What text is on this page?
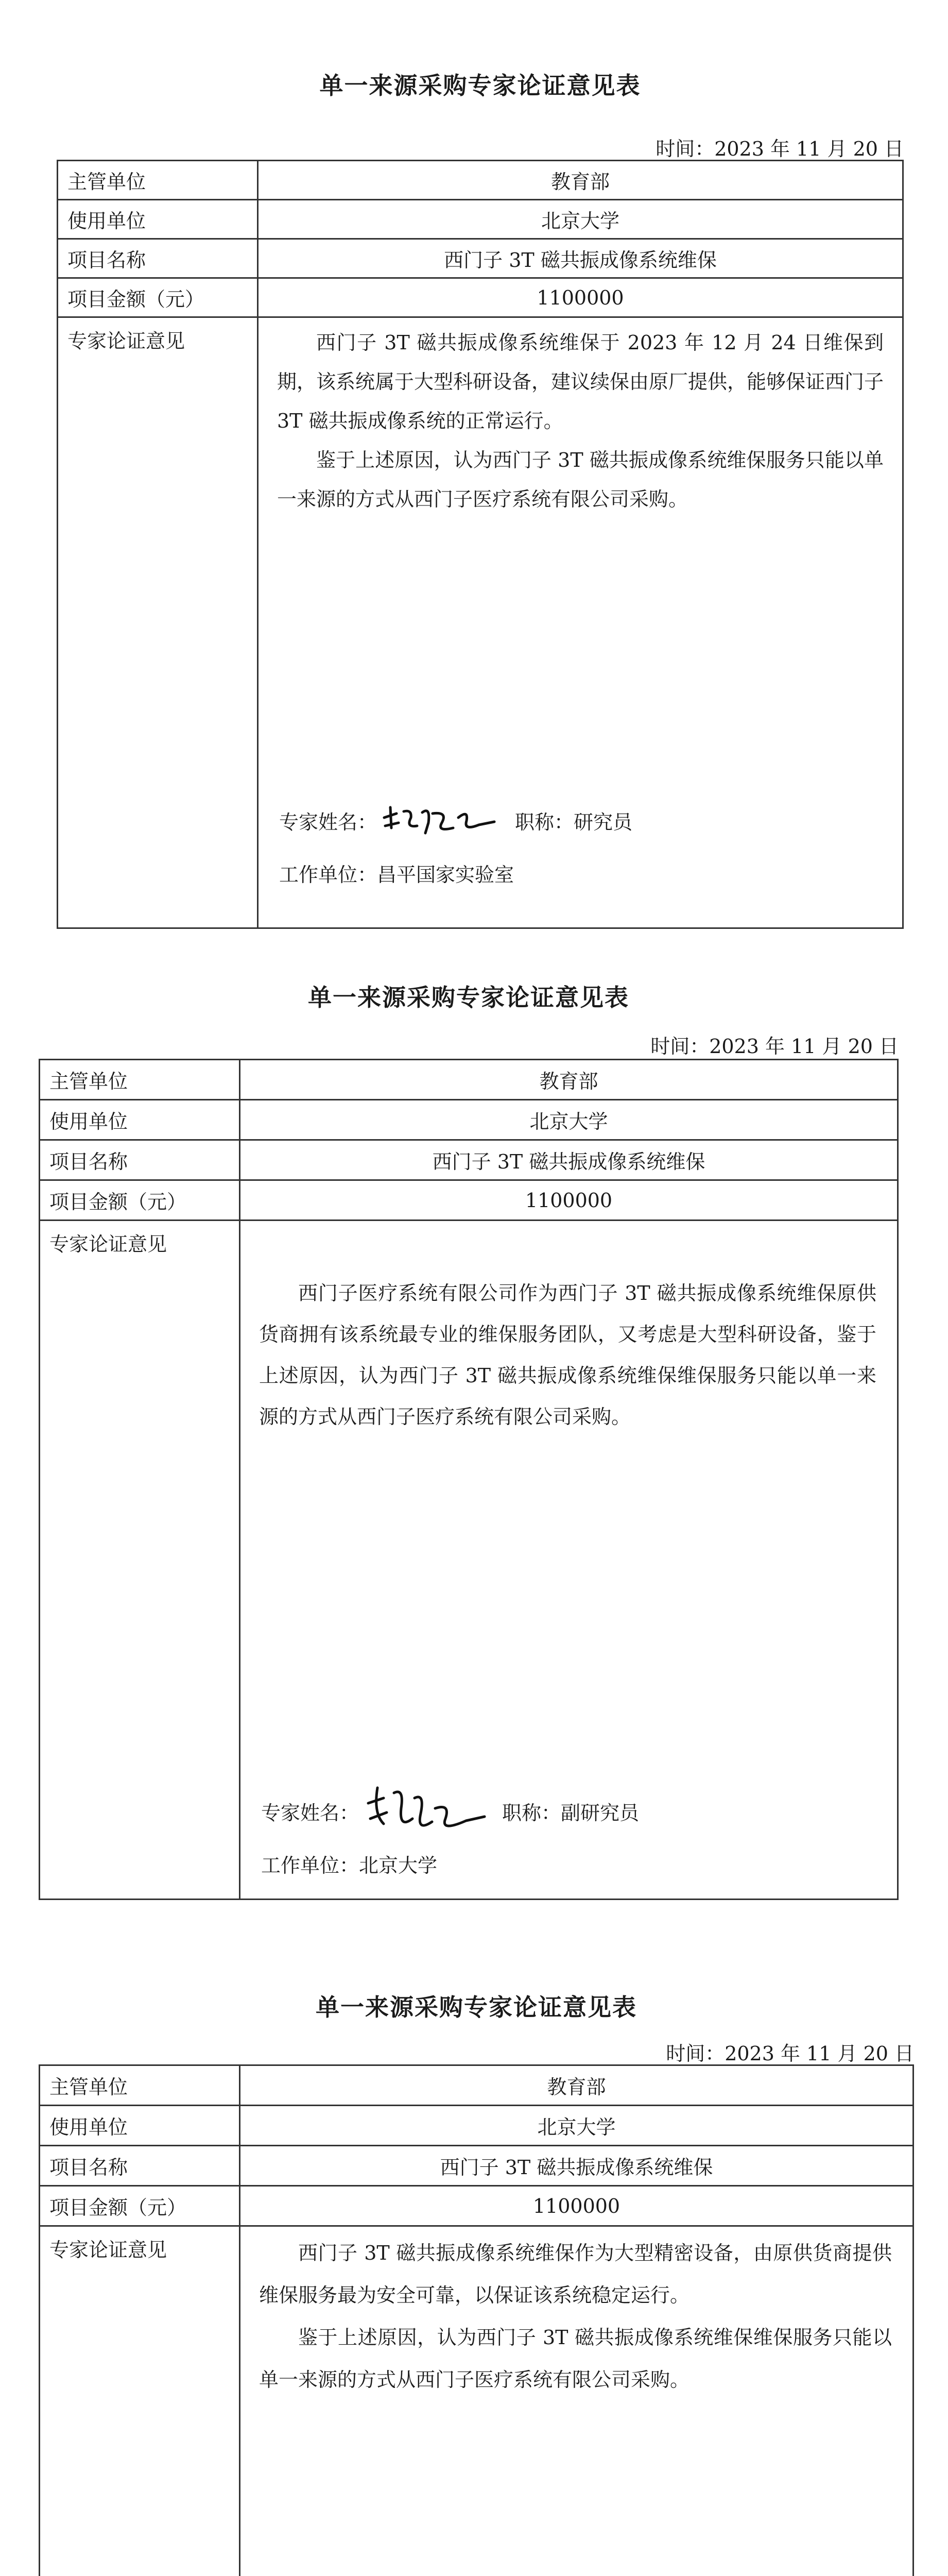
单一来源采购专家论证意见表
时间：2023 年 11 月 20 日
主管单位	教育部
使用单位	北京大学
项目名称	西门子 3T 磁共振成像系统维保
项目金额（元）	1100000
专家论证意见	西门子 3T 磁共振成像系统维保于 2023 年 12 月 24 日维保到期，该系统属于大型科研设备，建议续保由原厂提供，能够保证西门子 3T 磁共振成像系统的正常运行。

鉴于上述原因，认为西门子 3T 磁共振成像系统维保服务只能以单一来源的方式从西门子医疗系统有限公司采购。

专家姓名： 职称：研究员
工作单位：昌平国家实验室
单一来源采购专家论证意见表
时间：2023 年 11 月 20 日
主管单位	教育部
使用单位	北京大学
项目名称	西门子 3T 磁共振成像系统维保
项目金额（元）	1100000
专家论证意见	西门子医疗系统有限公司作为西门子 3T 磁共振成像系统维保原供货商拥有该系统最专业的维保服务团队，又考虑是大型科研设备，鉴于上述原因，认为西门子 3T 磁共振成像系统维保维保服务只能以单一来源的方式从西门子医疗系统有限公司采购。

专家姓名： 职称：副研究员
工作单位：北京大学
单一来源采购专家论证意见表
时间：2023 年 11 月 20 日
主管单位	教育部
使用单位	北京大学
项目名称	西门子 3T 磁共振成像系统维保
项目金额（元）	1100000
专家论证意见	西门子 3T 磁共振成像系统维保作为大型精密设备，由原供货商提供维保服务最为安全可靠，以保证该系统稳定运行。

鉴于上述原因，认为西门子 3T 磁共振成像系统维保维保服务只能以单一来源的方式从西门子医疗系统有限公司采购。
